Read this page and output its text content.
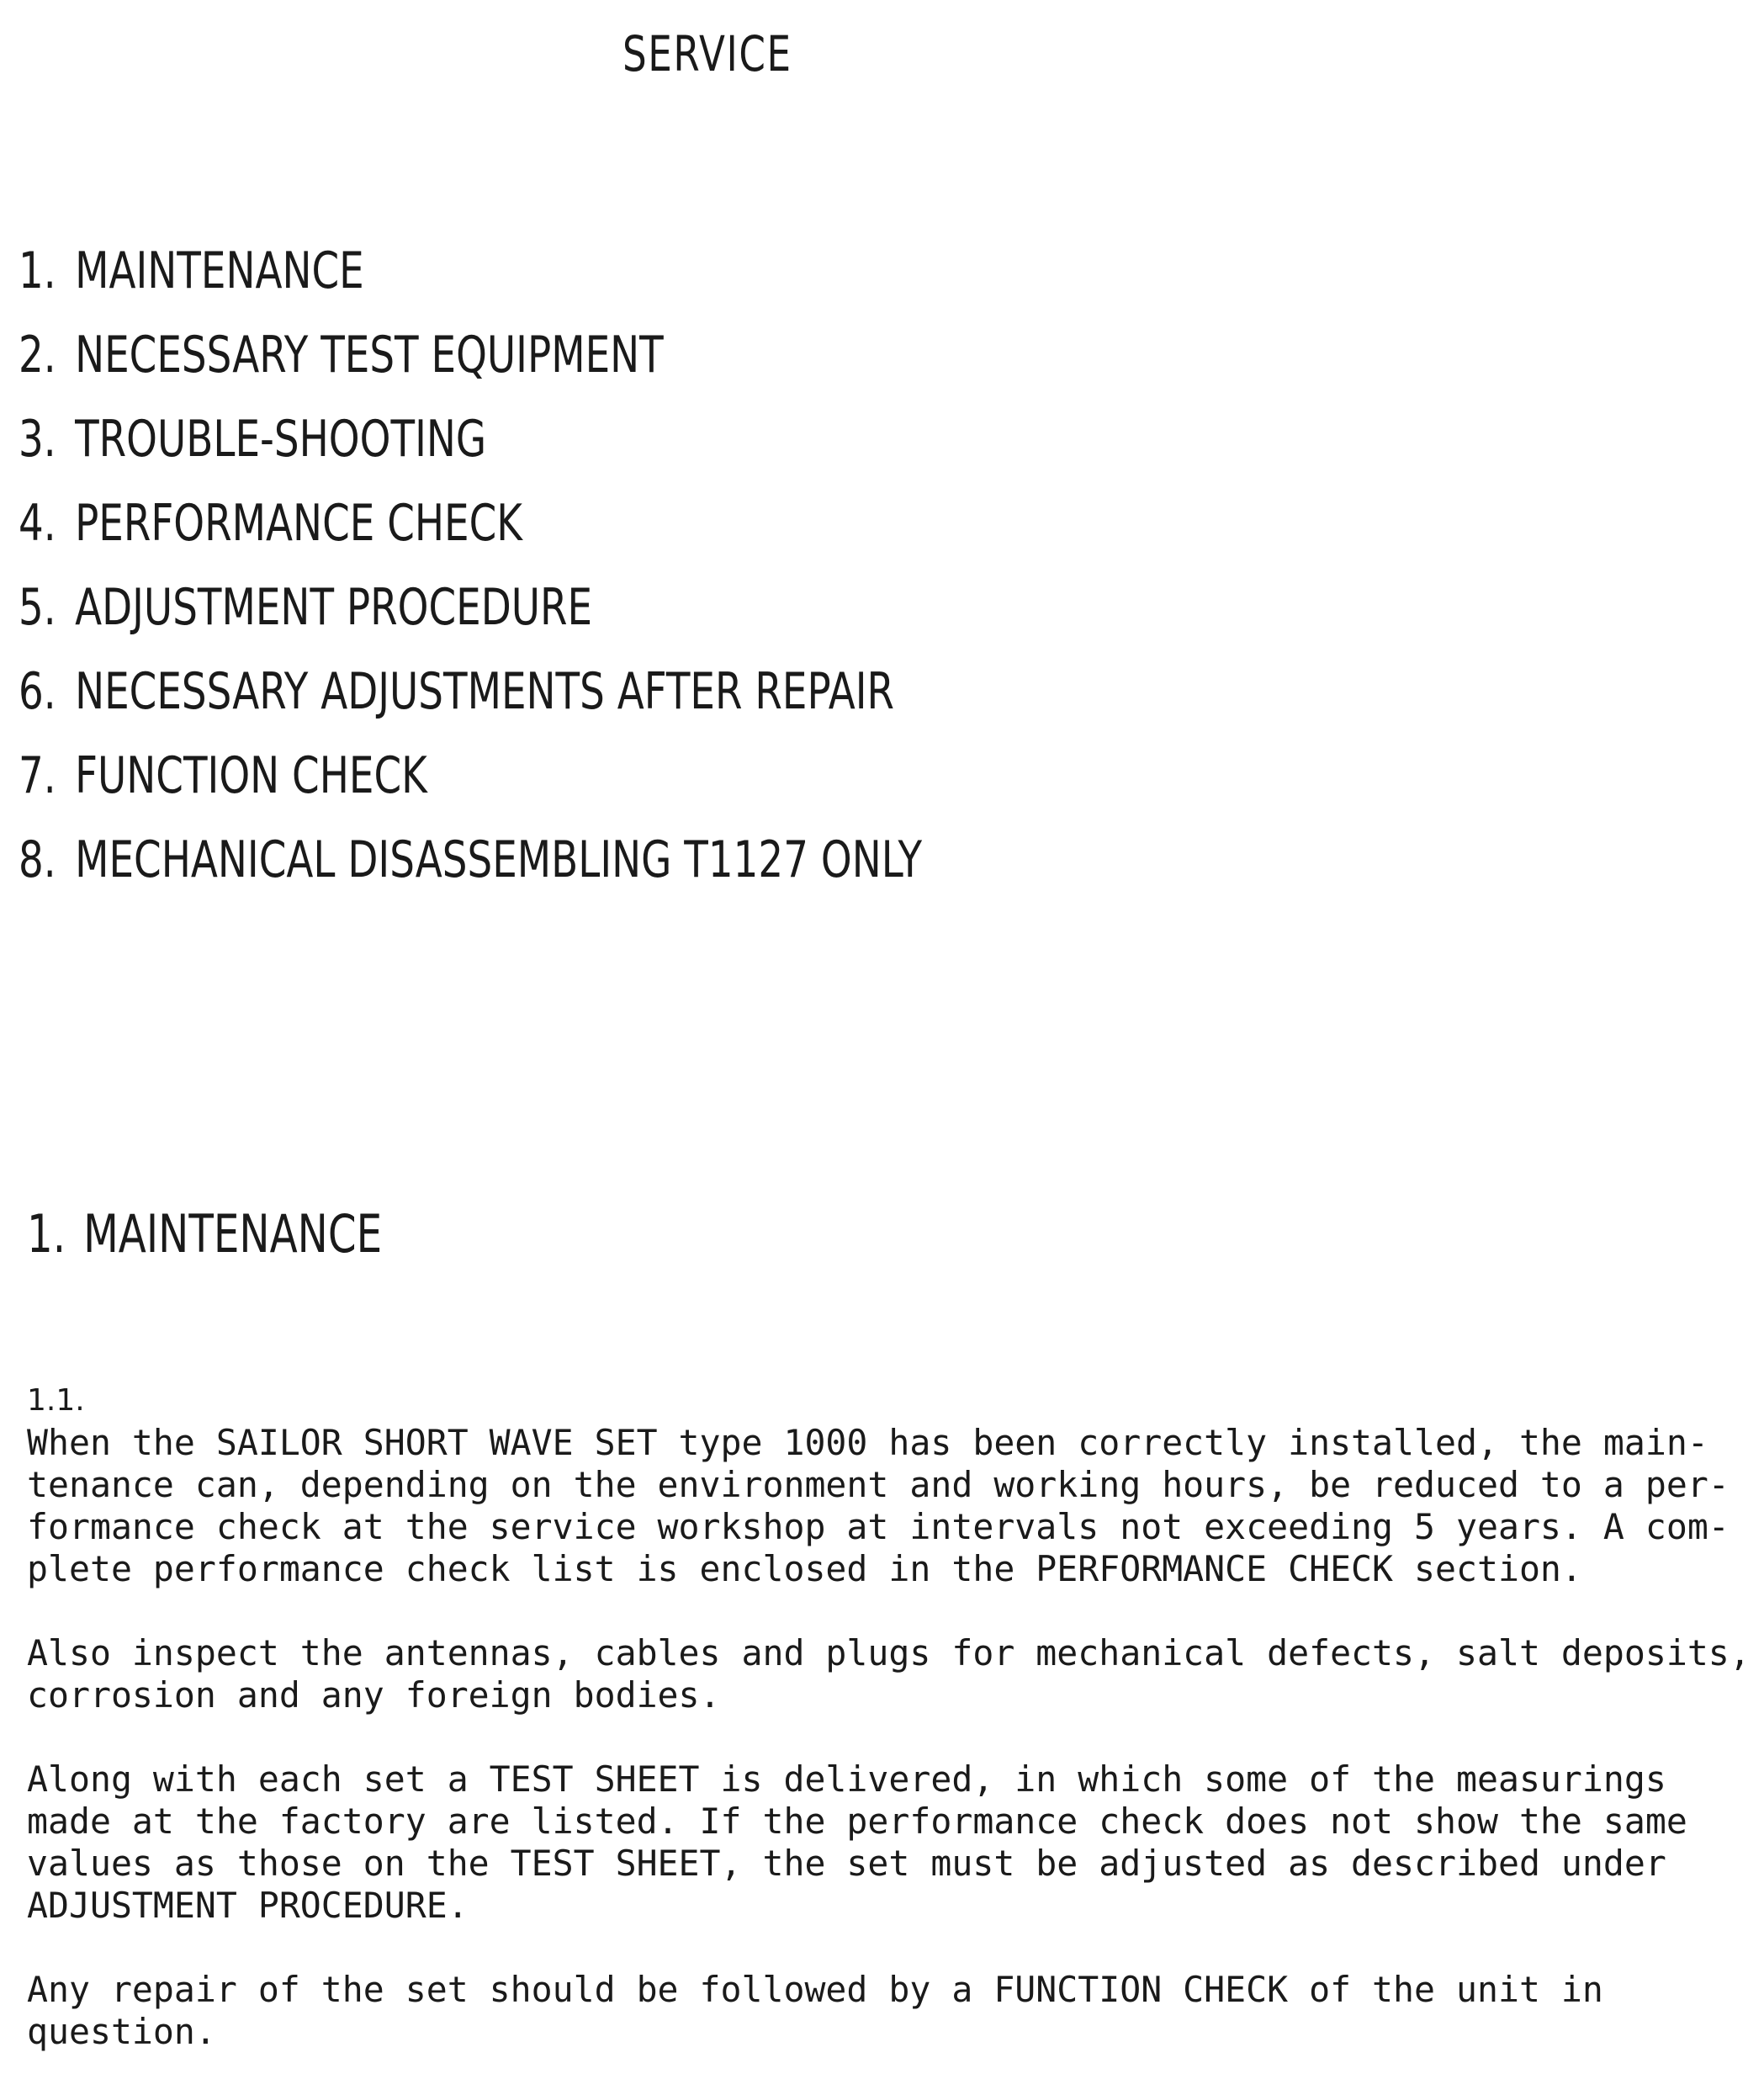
SERVICE
1. MAINTENANCE
2. NECESSARY TEST EQUIPMENT
3. TROUBLE-SHOOTING
4. PERFORMANCE CHECK
5. ADJUSTMENT PROCEDURE
6. NECESSARY ADJUSTMENTS AFTER REPAIR
7. FUNCTION CHECK
8. MECHANICAL DISASSEMBLING T1127 ONLY
1. MAINTENANCE

1.1.

When the SAILOR SHORT WAVE SET type 1000 has been correctly installed, the main-
tenance can, depending on the environment and working hours, be reduced to a per-
formance check at the service workshop at intervals not exceeding 5 years. A com-
plete performance check list is enclosed in the PERFORMANCE CHECK section.

Also inspect the antennas, cables and plugs for mechanical defects, salt deposits,
corrosion and any foreign bodies.

Along with each set a TEST SHEET is delivered, in which some of the measurings
made at the factory are listed. If the performance check does not show the same
values as those on the TEST SHEET, the set must be adjusted as described under
ADJUSTMENT PROCEDURE.

Any repair of the set should be followed by a FUNCTION CHECK of the unit in
question.
